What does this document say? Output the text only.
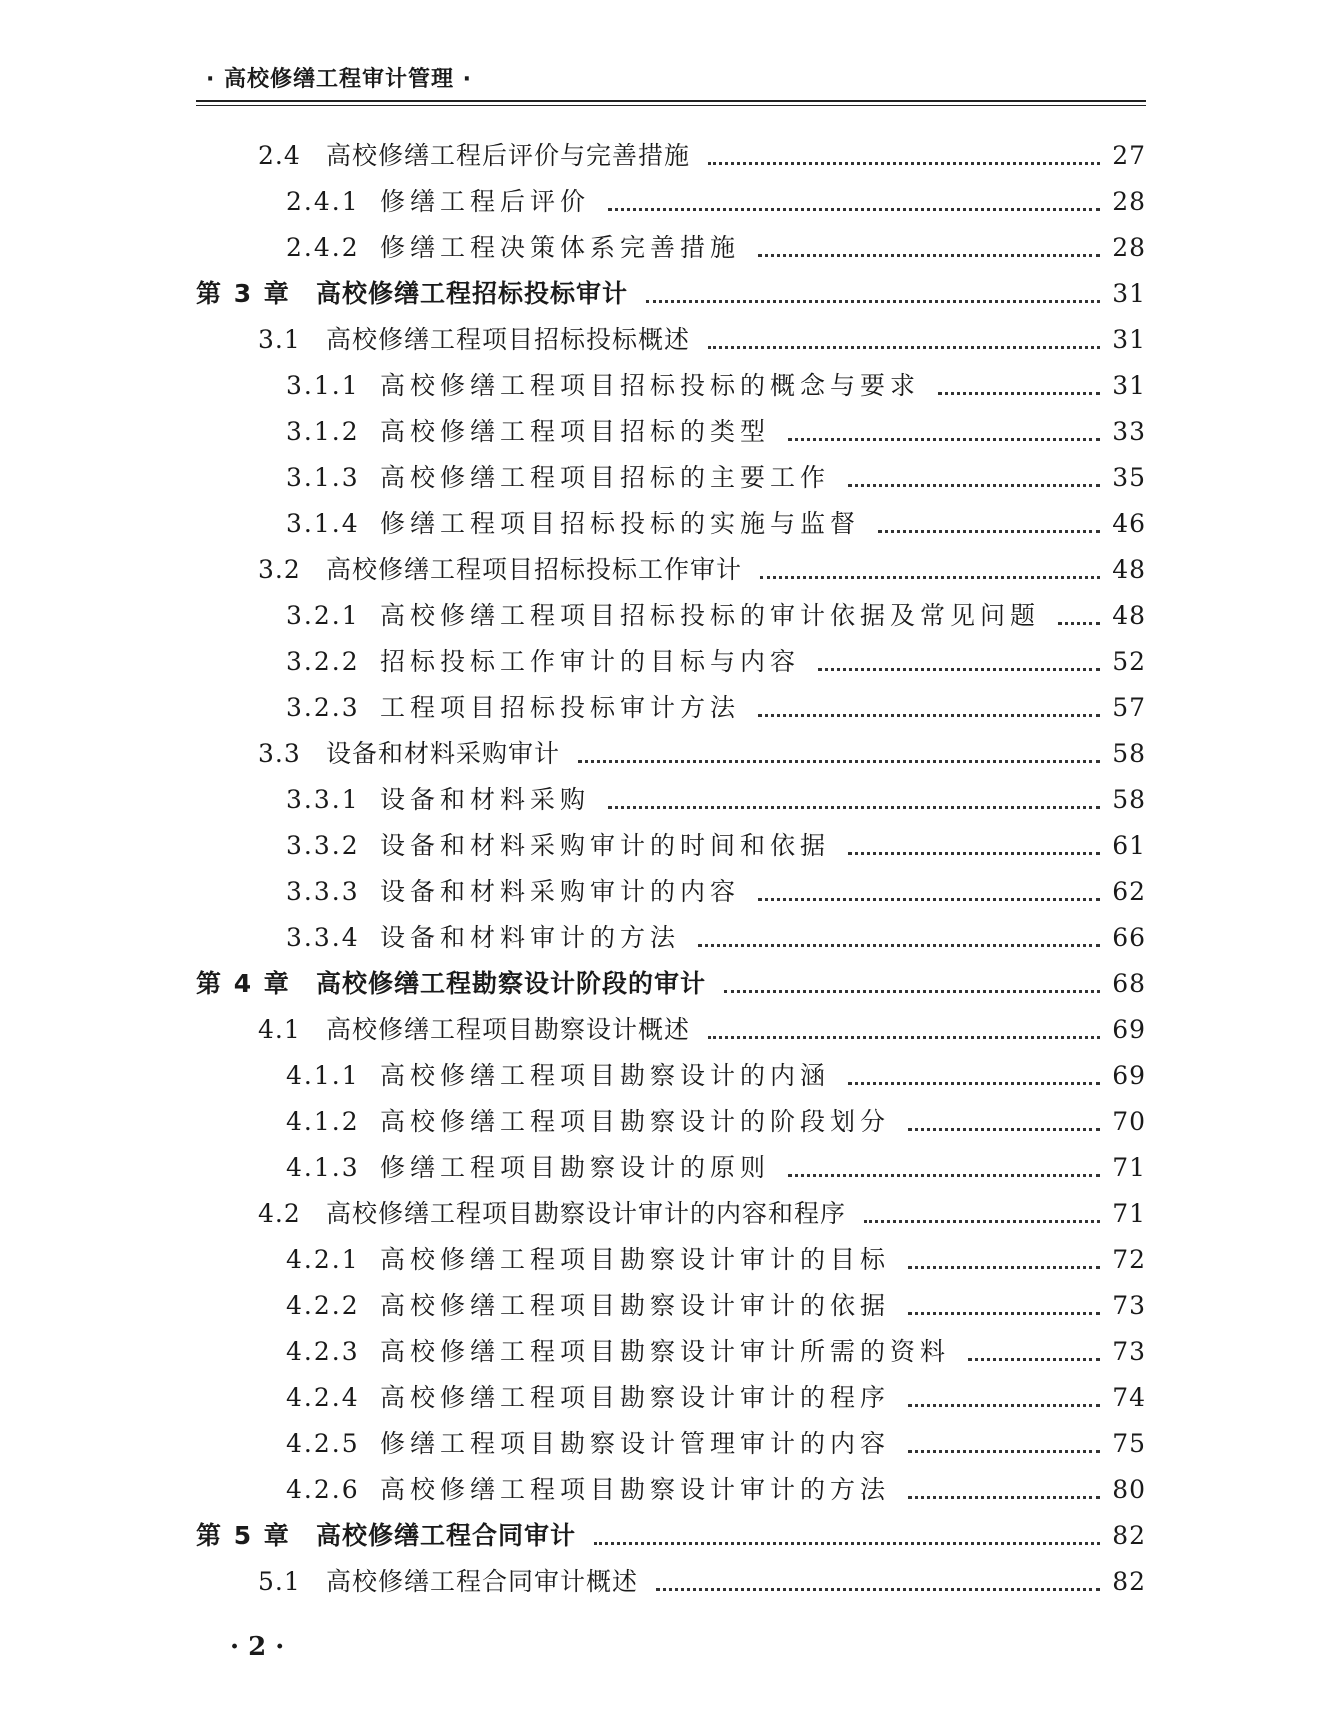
· 高校修缮工程审计管理 ·
2.4 高校修缮工程后评价与完善措施	27
2.4.1 修缮工程后评价	28
2.4.2 修缮工程决策体系完善措施	28
第 3 章 高校修缮工程招标投标审计	31
3.1 高校修缮工程项目招标投标概述	31
3.1.1 高校修缮工程项目招标投标的概念与要求	31
3.1.2 高校修缮工程项目招标的类型	33
3.1.3 高校修缮工程项目招标的主要工作	35
3.1.4 修缮工程项目招标投标的实施与监督	46
3.2 高校修缮工程项目招标投标工作审计	48
3.2.1 高校修缮工程项目招标投标的审计依据及常见问题	48
3.2.2 招标投标工作审计的目标与内容	52
3.2.3 工程项目招标投标审计方法	57
3.3 设备和材料采购审计	58
3.3.1 设备和材料采购	58
3.3.2 设备和材料采购审计的时间和依据	61
3.3.3 设备和材料采购审计的内容	62
3.3.4 设备和材料审计的方法	66
第 4 章 高校修缮工程勘察设计阶段的审计	68
4.1 高校修缮工程项目勘察设计概述	69
4.1.1 高校修缮工程项目勘察设计的内涵	69
4.1.2 高校修缮工程项目勘察设计的阶段划分	70
4.1.3 修缮工程项目勘察设计的原则	71
4.2 高校修缮工程项目勘察设计审计的内容和程序	71
4.2.1 高校修缮工程项目勘察设计审计的目标	72
4.2.2 高校修缮工程项目勘察设计审计的依据	73
4.2.3 高校修缮工程项目勘察设计审计所需的资料	73
4.2.4 高校修缮工程项目勘察设计审计的程序	74
4.2.5 修缮工程项目勘察设计管理审计的内容	75
4.2.6 高校修缮工程项目勘察设计审计的方法	80
第 5 章 高校修缮工程合同审计	82
5.1 高校修缮工程合同审计概述	82
· 2 ·
